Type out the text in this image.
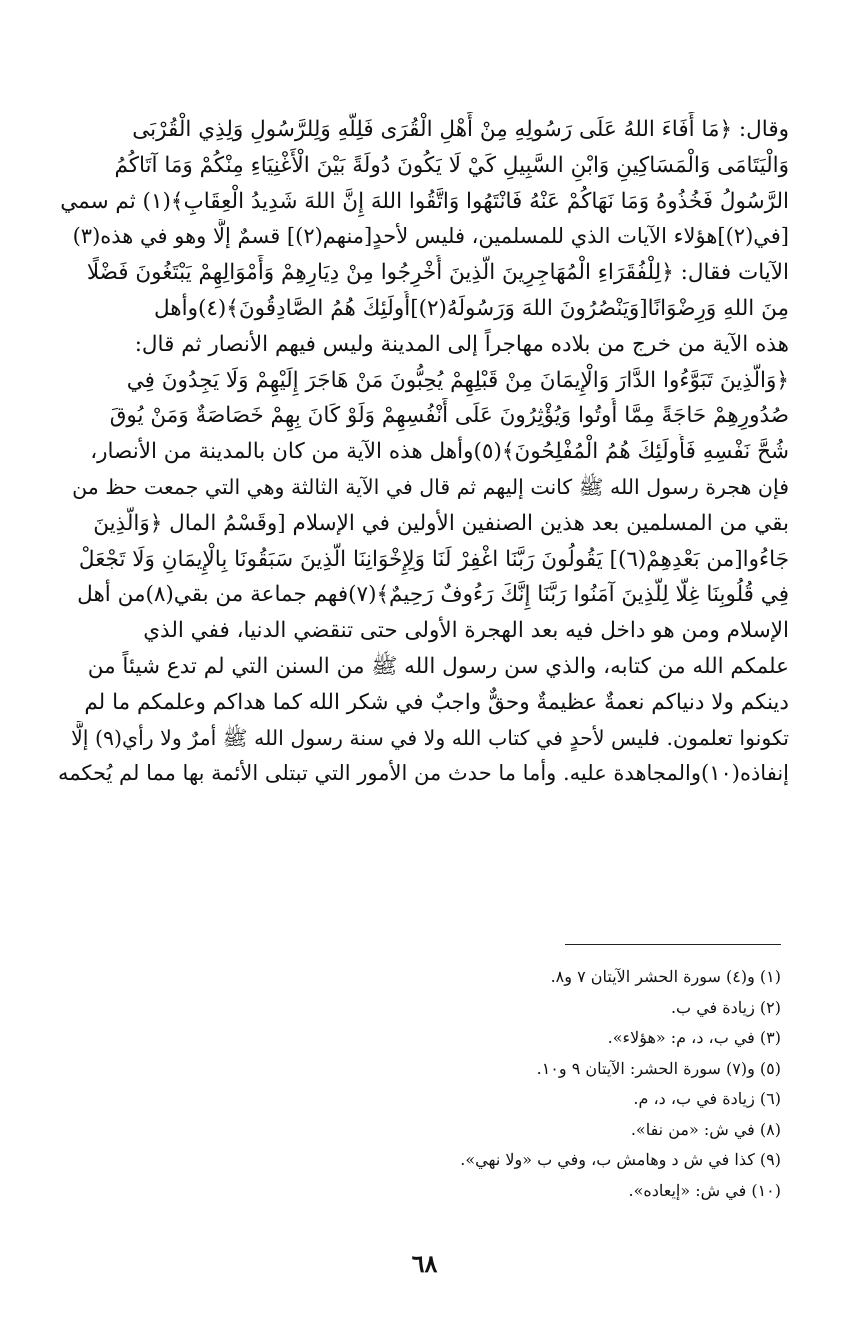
وقال: ﴿مَا أَفَاءَ اللهُ عَلَى رَسُولِهِ مِنْ أَهْلِ الْقُرَى فَلِلَّهِ وَلِلرَّسُولِ وَلِذِي الْقُرْبَى
وَالْيَتَامَى وَالْمَسَاكِينِ وَابْنِ السَّبِيلِ كَيْ لَا يَكُونَ دُولَةً بَيْنَ الْأَغْنِيَاءِ مِنْكُمْ وَمَا آتَاكُمُ
الرَّسُولُ فَخُذُوهُ وَمَا نَهَاكُمْ عَنْهُ فَانْتَهُوا وَاتَّقُوا اللهَ إِنَّ اللهَ شَدِيدُ الْعِقَابِ﴾(١) ثم سمي
[في(٢)]هؤلاء الآيات الذي للمسلمين، فليس لأحدٍ[منهم(٢)] قسمٌ إلَّا وهو في هذه(٣)
الآيات فقال: ﴿لِلْفُقَرَاءِ الْمُهَاجِرِينَ الَّذِينَ أُخْرِجُوا مِنْ دِيَارِهِمْ وَأَمْوَالِهِمْ يَبْتَغُونَ فَضْلًا
مِنَ اللهِ وَرِضْوَانًا[وَيَنْصُرُونَ اللهَ وَرَسُولَهُ(٢)]أُولَئِكَ هُمُ الصَّادِقُونَ﴾(٤)وأهل
هذه الآية من خرج من بلاده مهاجراً إلى المدينة وليس فيهم الأنصار ثم قال:
﴿وَالَّذِينَ تَبَوَّءُوا الدَّارَ وَالْإِيمَانَ مِنْ قَبْلِهِمْ يُحِبُّونَ مَنْ هَاجَرَ إِلَيْهِمْ وَلَا يَجِدُونَ فِي
صُدُورِهِمْ حَاجَةً مِمَّا أُوتُوا وَيُؤْثِرُونَ عَلَى أَنْفُسِهِمْ وَلَوْ كَانَ بِهِمْ خَصَاصَةٌ وَمَنْ يُوقَ
شُحَّ نَفْسِهِ فَأُولَئِكَ هُمُ الْمُفْلِحُونَ﴾(٥)وأهل هذه الآية من كان بالمدينة من الأنصار،
فإن هجرة رسول الله ﷺ كانت إليهم ثم قال في الآية الثالثة وهي التي جمعت حظ من
بقي من المسلمين بعد هذين الصنفين الأولين في الإسلام [وقَسْمُ المال ﴿وَالَّذِينَ
جَاءُوا[من بَعْدِهِمْ(٦)] يَقُولُونَ رَبَّنَا اغْفِرْ لَنَا وَلِإِخْوَانِنَا الَّذِينَ سَبَقُونَا بِالْإِيمَانِ وَلَا تَجْعَلْ
فِي قُلُوبِنَا غِلًّا لِلَّذِينَ آمَنُوا رَبَّنَا إِنَّكَ رَءُوفٌ رَحِيمٌ﴾(٧)فهم جماعة من بقي(٨)من أهل
الإسلام ومن هو داخل فيه بعد الهجرة الأولى حتى تنقضي الدنيا، ففي الذي
علمكم الله من كتابه، والذي سن رسول الله ﷺ من السنن التي لم تدع شيئاً من
دينكم ولا دنياكم نعمةٌ عظيمةٌ وحقٌّ واجبٌ في شكر الله كما هداكم وعلمكم ما لم
تكونوا تعلمون. فليس لأحدٍ في كتاب الله ولا في سنة رسول الله ﷺ أمرٌ ولا رأي(٩) إلَّا
إنفاذه(١٠)والمجاهدة عليه. وأما ما حدث من الأمور التي تبتلى الأئمة بها مما لم يُحكمه
(١) و(٤) سورة الحشر الآيتان ٧ و٨.
(٢) زيادة في ب.
(٣) في ب، د، م: «هؤلاء».
(٥) و(٧) سورة الحشر: الآيتان ٩ و١٠.
(٦) زيادة في ب، د، م.
(٨) في ش: «من نفا».
(٩) كذا في ش د وهامش ب، وفي ب «ولا نهي».
(١٠) في ش: «إيعاده».
٦٨
